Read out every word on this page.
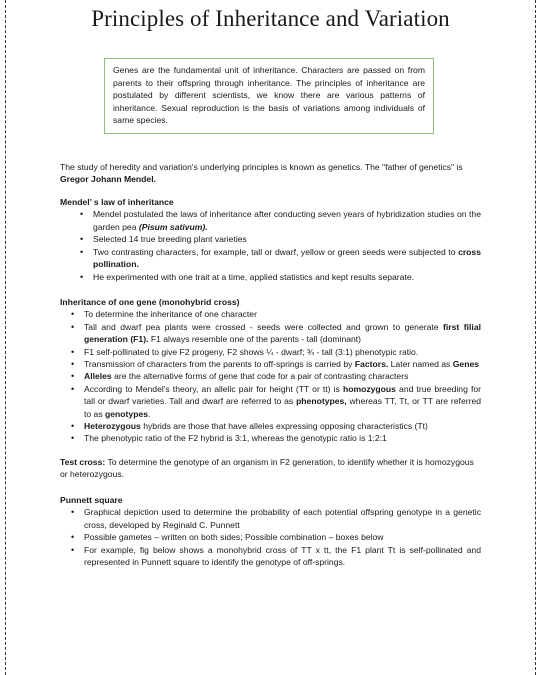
Principles of Inheritance and Variation
Genes are the fundamental unit of inheritance. Characters are passed on from parents to their offspring through inheritance. The principles of inheritance are postulated by different scientists, we know there are various patterns of inheritance. Sexual reproduction is the basis of variations among individuals of same species.
The study of heredity and variation's underlying principles is known as genetics. The "father of genetics" is Gregor Johann Mendel.
Mendel’ s law of inheritance
• Mendel postulated the laws of inheritance after conducting seven years of hybridization studies on the garden pea (Pisum sativum).
• Selected 14 true breeding plant varieties
• Two contrasting characters, for example, tall or dwarf, yellow or green seeds were subjected to cross pollination.
• He experimented with one trait at a time, applied statistics and kept results separate.
Inheritance of one gene (monohybrid cross)
• To determine the inheritance of one character
• Tall and dwarf pea plants were crossed - seeds were collected and grown to generate first filial generation (F1). F1 always resemble one of the parents - tall (dominant)
• F1 self-pollinated to give F2 progeny, F2 shows ¼ - dwarf; ¾ - tall (3:1) phenotypic ratio.
• Transmission of characters from the parents to off-springs is carried by Factors. Later named as Genes
• Alleles are the alternative forms of gene that code for a pair of contrasting characters
• According to Mendel's theory, an allelic pair for height (TT or tt) is homozygous and true breeding for tall or dwarf varieties. Tall and dwarf are referred to as phenotypes, whereas TT, Tt, or TT are referred to as genotypes.
• Heterozygous hybrids are those that have alleles expressing opposing characteristics (Tt)
• The phenotypic ratio of the F2 hybrid is 3:1, whereas the genotypic ratio is 1:2:1
Test cross: To determine the genotype of an organism in F2 generation, to identify whether it is homozygous or heterozygous.
Punnett square
• Graphical depiction used to determine the probability of each potential offspring genotype in a genetic cross, developed by Reginald C. Punnett
• Possible gametes – written on both sides; Possible combination – boxes below
• For example, fig below shows a monohybrid cross of TT x tt, the F1 plant Tt is self-pollinated and represented in Punnett square to identify the genotype of off-springs.
